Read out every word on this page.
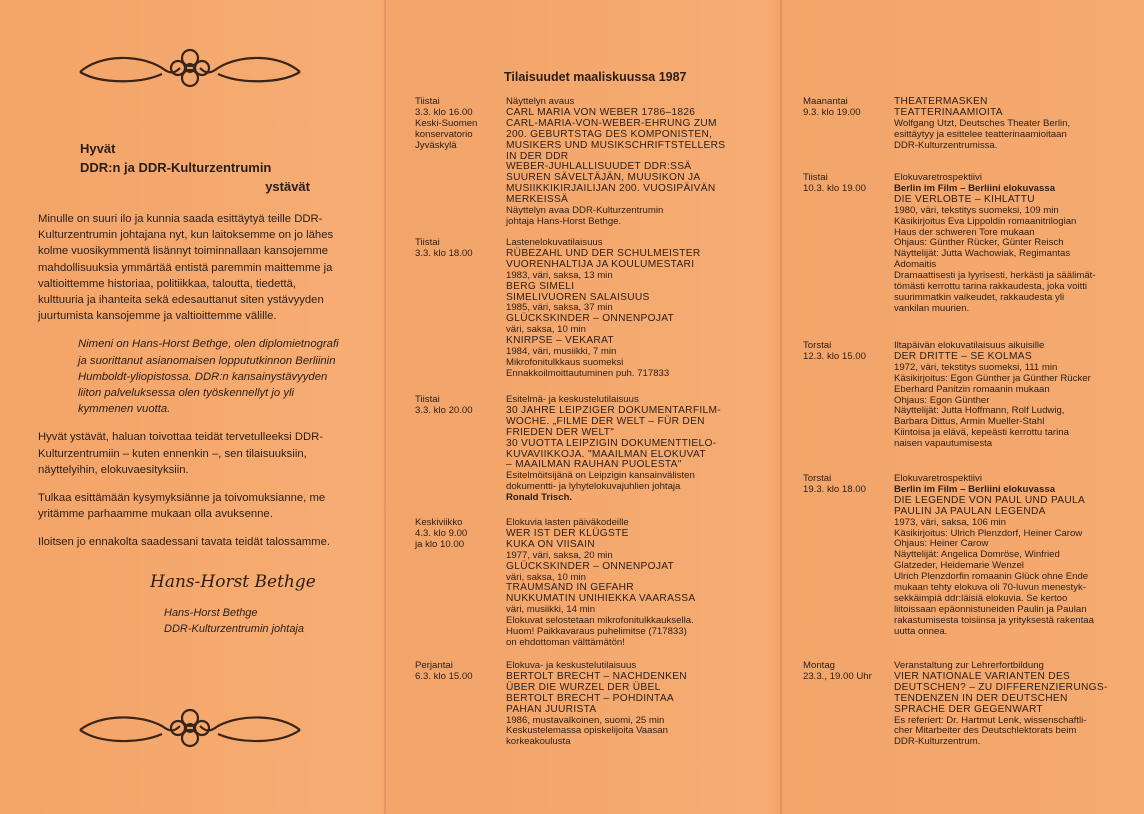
Hyvät
DDR:n ja DDR-Kulturzentrumin
ystävät

Minulle on suuri ilo ja kunnia saada esittäytyä teille DDR-Kulturzentrumin johtajana nyt, kun laitoksemme on jo lähes kolme vuosikymmentä lisännyt toiminnallaan kansojemme mahdollisuuksia ymmärtää entistä paremmin maittemme ja valtioittemme historiaa, politiikkaa, taloutta, tiedettä, kulttuuria ja ihanteita sekä edesauttanut siten ystävyyden juurtumista kansojemme ja valtioittemme välille.

Nimeni on Hans-Horst Bethge, olen diplomietnografi ja suorittanut asianomaisen loppututkinnon Berliinin Humboldt-yliopistossa. DDR:n kansainystävyyden liiton palveluksessa olen työskennellyt jo yli kymmenen vuotta.

Hyvät ystävät, haluan toivottaa teidät tervetulleeksi DDR-Kulturzentrumiin – kuten ennenkin –, sen tilaisuuksiin, näyttelyihin, elokuvaesityksiin.

Tulkaa esittämään kysymyksiänne ja toivomuksianne, me yritämme parhaamme mukaan olla avuksenne.

Iloitsen jo ennakolta saadessani tavata teidät talossamme.

Hans-Horst Bethge
Hans-Horst Bethge
DDR-Kulturzentrumin johtaja
Tilaisuudet maaliskuussa 1987
Tiistai
3.3. klo 16.00
Keski-Suomen
konservatorio
Jyväskylä
Näyttelyn avaus
CARL MARIA VON WEBER 1786–1826
CARL-MARIA-VON-WEBER-EHRUNG ZUM
200. GEBURTSTAG DES KOMPONISTEN,
MUSIKERS UND MUSIKSCHRIFTSTELLERS
IN DER DDR
WEBER-JUHLALLISUUDET DDR:SSÄ
SUUREN SÄVELTÄJÄN, MUUSIKON JA
MUSIIKKIKIRJAILIJAN 200. VUOSIPÄIVÄN
MERKEISSÄ
Näyttelyn avaa DDR-Kulturzentrumin
johtaja Hans-Horst Bethge.
Tiistai
3.3. klo 18.00
Lastenelokuvatilaisuus
RÜBEZAHL UND DER SCHULMEISTER
VUORENHALTIJA JA KOULUMESTARI
1983, väri, saksa, 13 min
BERG SIMELI
SIMELIVUOREN SALAISUUS
1985, väri, saksa, 37 min
GLÜCKSKINDER – ONNENPOJAT
väri, saksa, 10 min
KNIRPSE – VEKARAT
1984, väri, musiikki, 7 min
Mikrofonitulkkaus suomeksi
Ennakkoilmoittautuminen puh. 717833
Tiistai
3.3. klo 20.00
Esitelmä- ja keskustelutilaisuus
30 JAHRE LEIPZIGER DOKUMENTARFILM-
WOCHE. „FILME DER WELT – FÜR DEN
FRIEDEN DER WELT"
30 VUOTTA LEIPZIGIN DOKUMENTTIELO-
KUVAVIIKKOJA. "MAAILMAN ELOKUVAT
– MAAILMAN RAUHAN PUOLESTA"
Esitelmöitsijänä on Leipzigin kansainvälisten
dokumentti- ja lyhytelokuvajuhlien johtaja
Ronald Trisch.
Keskiviikko
4.3. klo 9.00
ja klo 10.00
Elokuvia lasten päiväkodeille
WER IST DER KLÜGSTE
KUKA ON VIISAIN
1977, väri, saksa, 20 min
GLÜCKSKINDER – ONNENPOJAT
väri, saksa, 10 min
TRAUMSAND IN GEFAHR
NUKKUMATIN UNIHIEKKA VAARASSA
väri, musiikki, 14 min
Elokuvat selostetaan mikrofonitulkkauksella.
Huom! Paikkavaraus puhelimitse (717833)
on ehdottoman välttämätön!
Perjantai
6.3. klo 15.00
Elokuva- ja keskustelutilaisuus
BERTOLT BRECHT – NACHDENKEN
ÜBER DIE WURZEL DER ÜBEL
BERTOLT BRECHT – POHDINTAA
PAHAN JUURISTA
1986, mustavalkoinen, suomi, 25 min
Keskustelemassa opiskelijoita Vaasan
korkeakoulusta
Maanantai
9.3. klo 19.00
THEATERMASKEN
TEATTERINAAMIOITA
Wolfgang Utzt, Deutsches Theater Berlin,
esittäytyy ja esittelee teatterinaamioitaan
DDR-Kulturzentrumissa.
Tiistai
10.3. klo 19.00
Elokuvaretrospektiivi
Berlin im Film – Berliini elokuvassa
DIE VERLOBTE – KIHLATTU
1980, väri, tekstitys suomeksi, 109 min
Käsikirjoitus Eva Lippoldin romaanitrilogian
Haus der schweren Tore mukaan
Ohjaus: Günther Rücker, Günter Reisch
Näyttelijät: Jutta Wachowiak, Regimantas
Adomaitis
Dramaattisesti ja lyyrisesti, herkästi ja säälimät-
tömästi kerrottu tarina rakkaudesta, joka voitti
suurimmatkin vaikeudet, rakkaudesta yli
vankilan muurien.
Torstai
12.3. klo 15.00
Iltapäivän elokuvatilaisuus aikuisille
DER DRITTE – SE KOLMAS
1972, väri, tekstitys suomeksi, 111 min
Käsikirjoitus: Egon Günther ja Günther Rücker
Eberhard Panitzin romaanin mukaan
Ohjaus: Egon Günther
Näyttelijät: Jutta Hoffmann, Rolf Ludwig,
Barbara Dittus, Armin Mueller-Stahl
Kiintoisa ja elävä, kepeästi kerrottu tarina
naisen vapautumisesta
Torstai
19.3. klo 18.00
Elokuvaretrospektiivi
Berlin im Film – Berliini elokuvassa
DIE LEGENDE VON PAUL UND PAULA
PAULIN JA PAULAN LEGENDA
1973, väri, saksa, 106 min
Käsikirjoitus: Ulrich Plenzdorf, Heiner Carow
Ohjaus: Heiner Carow
Näyttelijät: Angelica Domröse, Winfried
Glatzeder, Heidemarie Wenzel
Ulrich Plenzdorfin romaanin Glück ohne Ende
mukaan tehty elokuva oli 70-luvun menestyk-
sekkäimpiä ddr:läisiä elokuvia. Se kertoo
liitoissaan epäonnistuneiden Paulin ja Paulan
rakastumisesta toisiinsa ja yrityksestä rakentaa
uutta onnea.
Montag
23.3., 19.00 Uhr
Veranstaltung zur Lehrerfortbildung
VIER NATIONALE VARIANTEN DES
DEUTSCHEN? – ZU DIFFERENZIERUNGS-
TENDENZEN IN DER DEUTSCHEN
SPRACHE DER GEGENWART
Es referiert: Dr. Hartmut Lenk, wissenschaftli-
cher Mitarbeiter des Deutschlektorats beim
DDR-Kulturzentrum.
